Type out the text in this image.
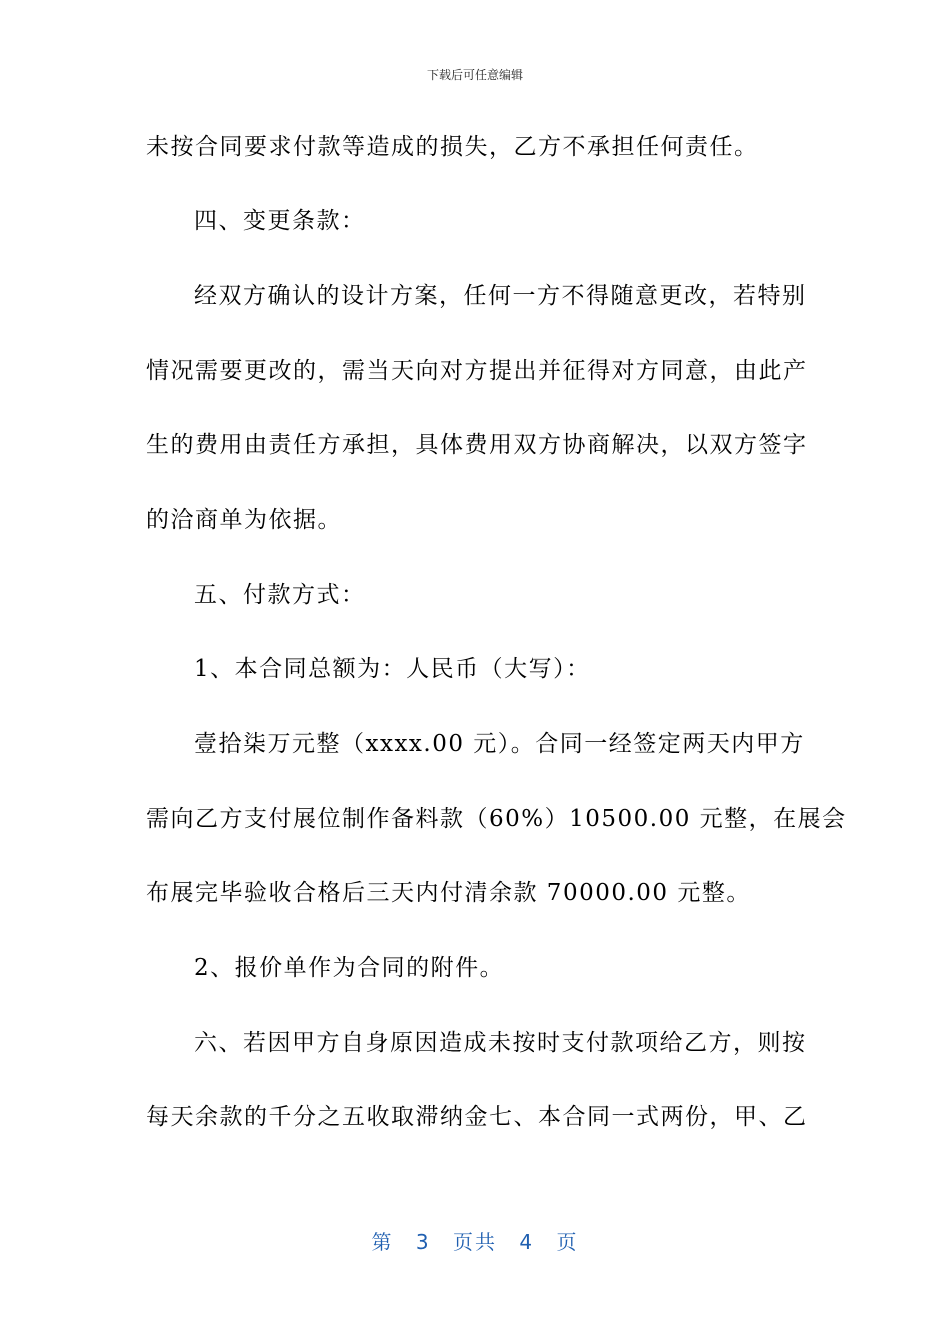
下载后可任意编辑
未按合同要求付款等造成的损失，乙方不承担任何责任。
四、变更条款：
经双方确认的设计方案，任何一方不得随意更改，若特别
情况需要更改的，需当天向对方提出并征得对方同意，由此产
生的费用由责任方承担，具体费用双方协商解决，以双方签字
的洽商单为依据。
五、付款方式：
1、本合同总额为：人民币（大写）：
壹拾柒万元整（xxxx.00 元）。合同一经签定两天内甲方
需向乙方支付展位制作备料款（60%）10500.00 元整，在展会
布展完毕验收合格后三天内付清余款 70000.00 元整。
2、报价单作为合同的附件。
六、若因甲方自身原因造成未按时支付款项给乙方，则按
每天余款的千分之五收取滞纳金七、本合同一式两份，甲、乙
第 3 页共 4 页
